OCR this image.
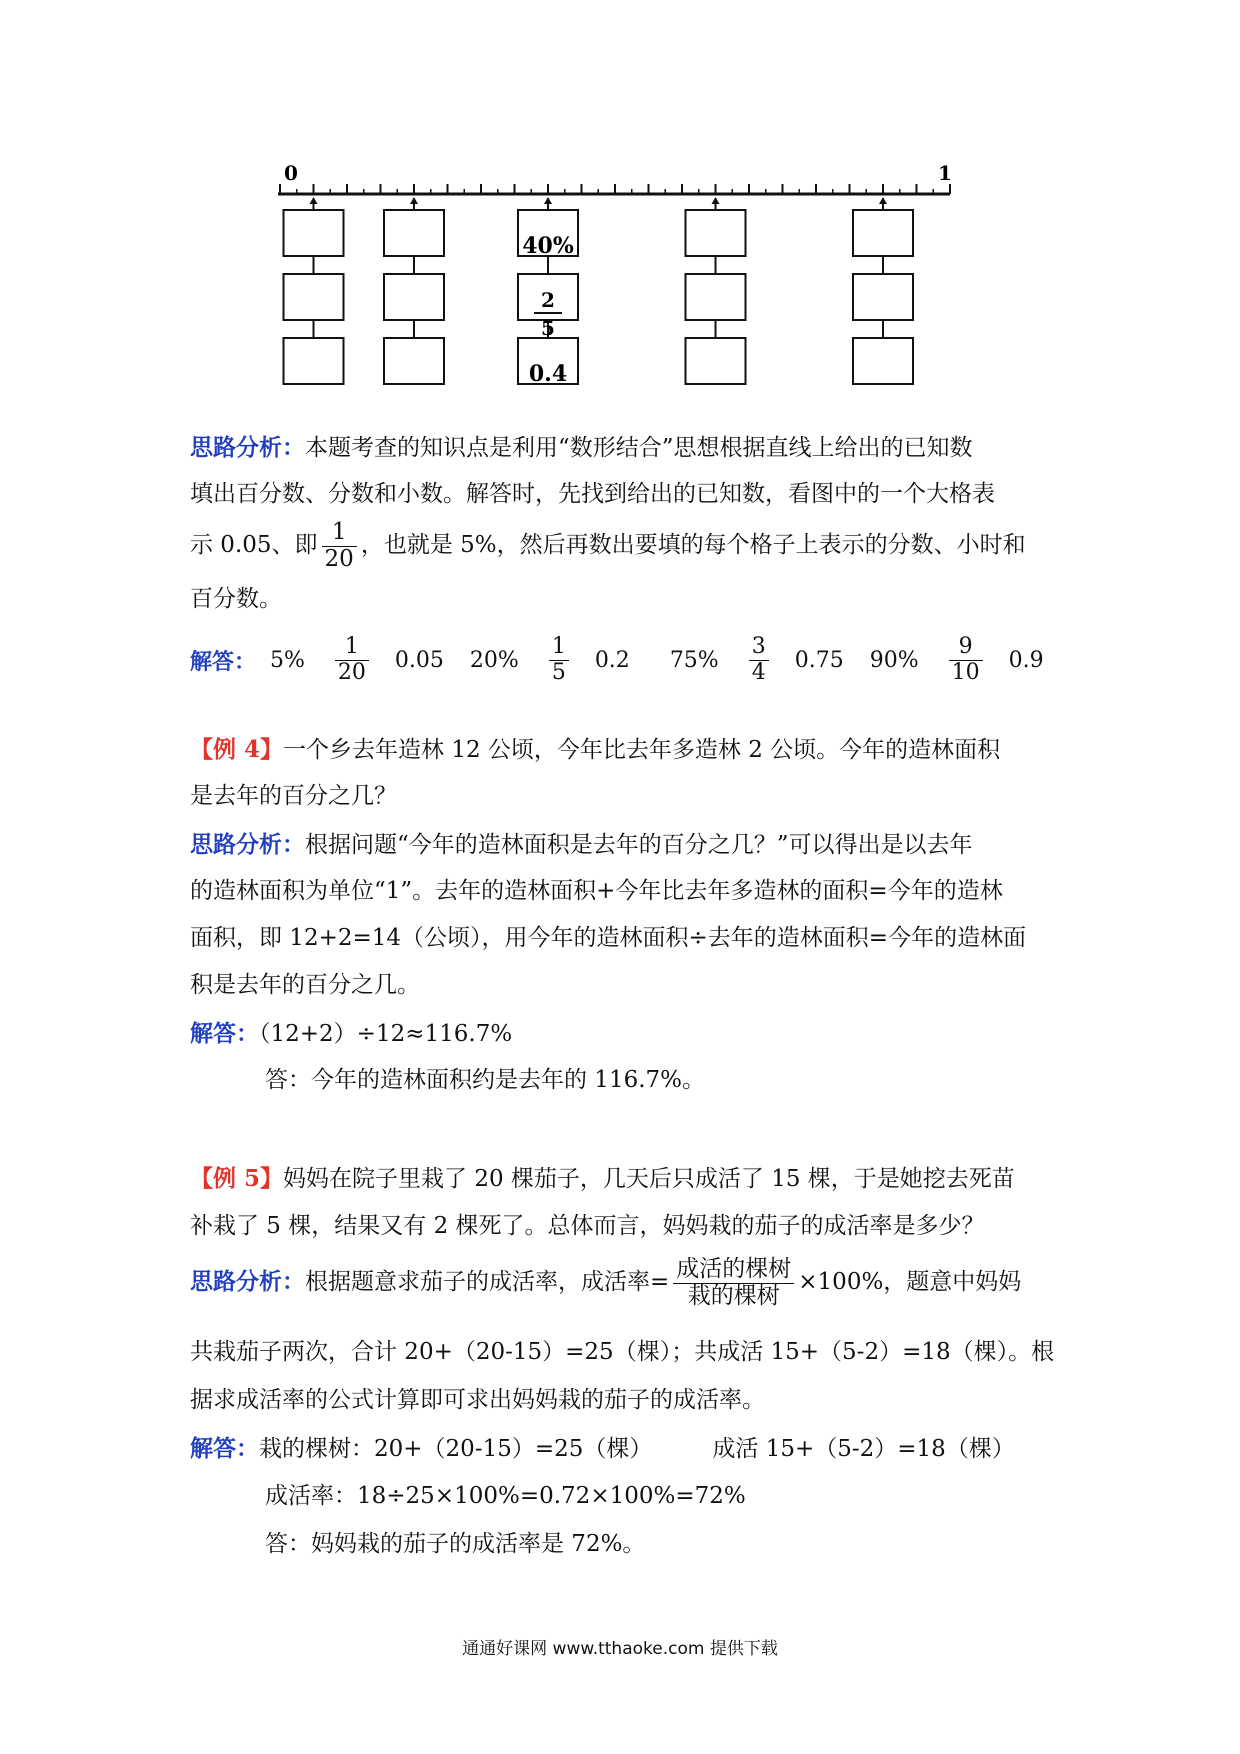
0	1
40%
2
5
0.4

思路分析：本题考查的知识点是利用“数形结合”思想根据直线上给出的已知数

填出百分数、分数和小数。解答时，先找到给出的已知数，看图中的一个大格表

示 0.05、即 $\frac{1}{20}$ ，也就是 5%，然后再数出要填的每个格子上表示的分数、小时和

百分数。

解答： $5\% \frac{1}{20} 0.05$ $20\% \frac{1}{5} 0.2$ $75\% \frac{3}{4} 0.75$ $90\% \frac{9}{10} 0.9$

【例 4】一个乡去年造林 12 公顷，今年比去年多造林 2 公顷。今年的造林面积

是去年的百分之几？

思路分析：根据问题“今年的造林面积是去年的百分之几？”可以得出是以去年

的造林面积为单位“1”。去年的造林面积+今年比去年多造林的面积=今年的造林

面积，即 12+2=14（公顷），用今年的造林面积÷去年的造林面积=今年的造林面

积是去年的百分之几。

解答：（12+2）÷12≈116.7%

答：今年的造林面积约是去年的 116.7%。

【例 5】妈妈在院子里栽了 20 棵茄子，几天后只成活了 15 棵，于是她挖去死苗

补栽了 5 棵，结果又有 2 棵死了。总体而言，妈妈栽的茄子的成活率是多少？

思路分析：根据题意求茄子的成活率，成活率= $\frac{\text{成活的棵树}}{\text{栽的棵树}} \times 100\%$，题意中妈妈

共栽茄子两次，合计 20+（20-15）=25（棵）；共成活 15+（5-2）=18（棵）。根

据求成活率的公式计算即可求出妈妈栽的茄子的成活率。

解答：栽的棵树：20+（20-15）=25（棵）	成活 15+（5-2）=18（棵）

成活率：18÷25×100%=0.72×100%=72%

答：妈妈栽的茄子的成活率是 72%。

通通好课网 www.tthaoke.com 提供下载
